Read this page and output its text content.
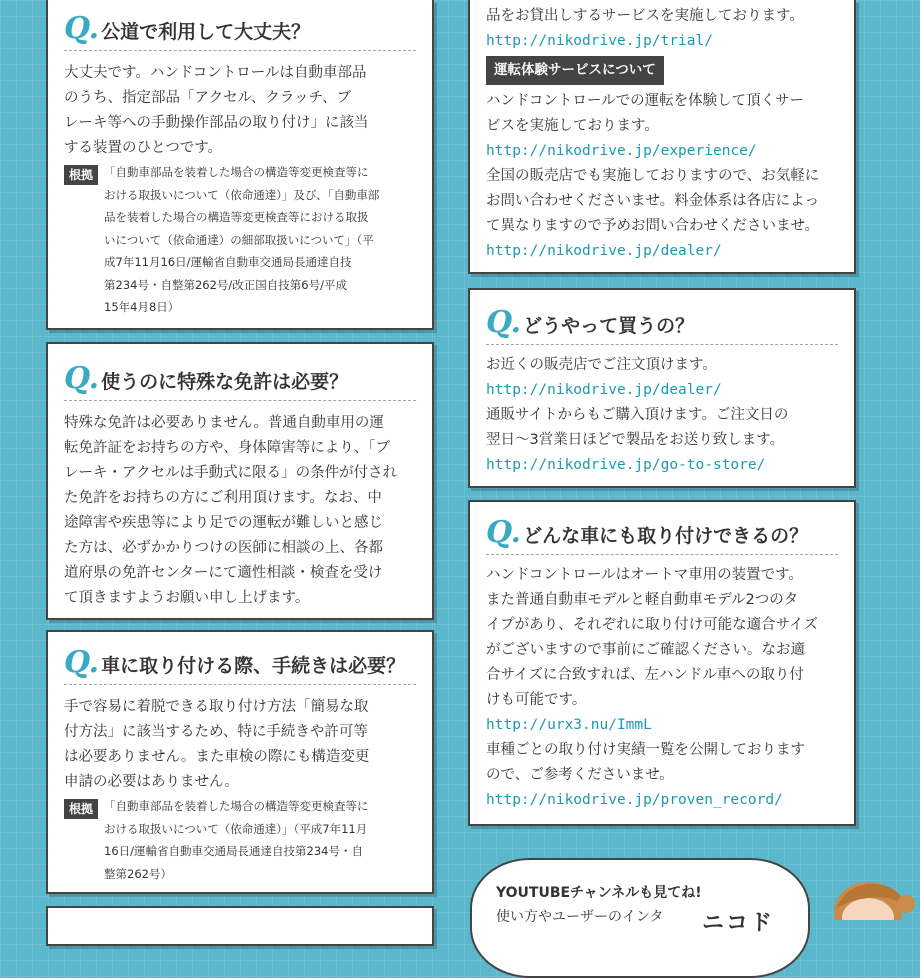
Q. 公道で利用して大丈夫？
大丈夫です。ハンドコントロールは自動車部品
のうち、指定部品「アクセル、クラッチ、ブ
レーキ等への手動操作部品の取り付け」に該当
する装置のひとつです。
根拠 「自動車部品を装着した場合の構造等変更検査等に
おける取扱いについて（依命通達）」及び、「自動車部
品を装着した場合の構造等変更検査等における取扱
いについて（依命通達）の細部取扱いについて」（平
成7年11月16日/運輸省自動車交通局長通達自技
第234号・自整第262号/改正国自技第6号/平成
15年4月8日）
Q. 使うのに特殊な免許は必要？
特殊な免許は必要ありません。普通自動車用の運
転免許証をお持ちの方や、身体障害等により、「ブ
レーキ・アクセルは手動式に限る」の条件が付され
た免許をお持ちの方にご利用頂けます。なお、中
途障害や疾患等により足での運転が難しいと感じ
た方は、必ずかかりつけの医師に相談の上、各都
道府県の免許センターにて適性相談・検査を受け
て頂きますようお願い申し上げます。
Q. 車に取り付ける際、手続きは必要？
手で容易に着脱できる取り付け方法「簡易な取
付方法」に該当するため、特に手続きや許可等
は必要ありません。また車検の際にも構造変更
申請の必要はありません。
根拠 「自動車部品を装着した場合の構造等変更検査等に
おける取扱いについて（依命通達）」（平成7年11月
16日/運輸省自動車交通局長通達自技第234号・自
整第262号）
品をお貸出しするサービスを実施しております。
http://nikodrive.jp/trial/
運転体験サービスについて
ハンドコントロールでの運転を体験して頂くサー
ビスを実施しております。
http://nikodrive.jp/experience/
全国の販売店でも実施しておりますので、お気軽に
お問い合わせくださいませ。料金体系は各店によっ
て異なりますので予めお問い合わせくださいませ。
http://nikodrive.jp/dealer/
Q. どうやって買うの？
お近くの販売店でご注文頂けます。
http://nikodrive.jp/dealer/
通販サイトからもご購入頂けます。ご注文日の
翌日～3営業日ほどで製品をお送り致します。
http://nikodrive.jp/go-to-store/
Q. どんな車にも取り付けできるの？
ハンドコントロールはオートマ車用の装置です。
また普通自動車モデルと軽自動車モデル2つのタ
イプがあり、それぞれに取り付け可能な適合サイズ
がございますので事前にご確認ください。なお適
合サイズに合致すれば、左ハンドル車への取り付
けも可能です。
http://urx3.nu/ImmL
車種ごとの取り付け実績一覧を公開しております
ので、ご参考くださいませ。
http://nikodrive.jp/proven_record/
YOUTUBEチャンネルも見てね!
使い方やユーザーのインタ ニコド
